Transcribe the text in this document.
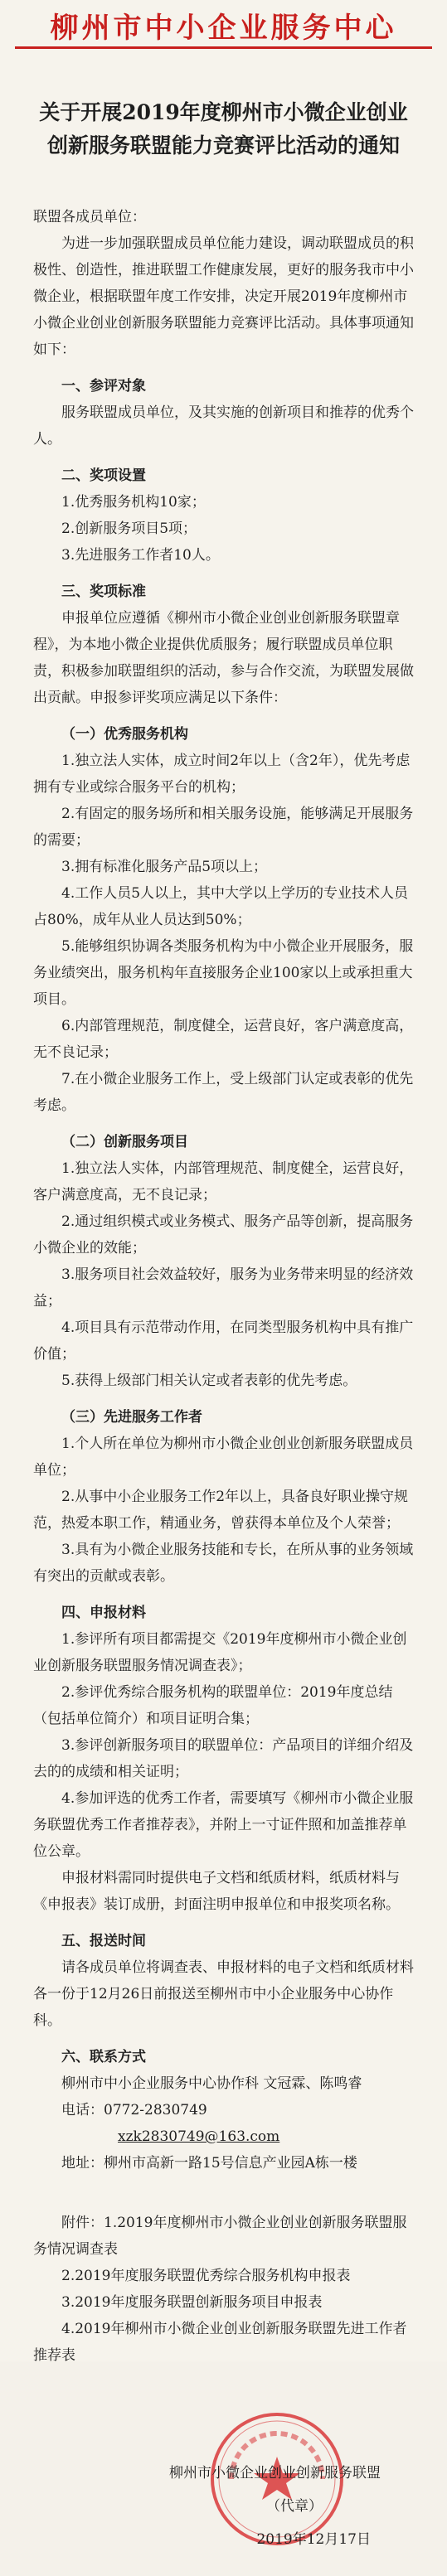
柳州市中小企业服务中心
关于开展2019年度柳州市小微企业创业
创新服务联盟能力竞赛评比活动的通知

联盟各成员单位：

为进一步加强联盟成员单位能力建设，调动联盟成员的积极性、创造性，推进联盟工作健康发展，更好的服务我市中小微企业，根据联盟年度工作安排，决定开展2019年度柳州市小微企业创业创新服务联盟能力竞赛评比活动。具体事项通知如下：

一、参评对象

服务联盟成员单位，及其实施的创新项目和推荐的优秀个人。

二、奖项设置

1.优秀服务机构10家；

2.创新服务项目5项；

3.先进服务工作者10人。

三、奖项标准

申报单位应遵循《柳州市小微企业创业创新服务联盟章程》，为本地小微企业提供优质服务；履行联盟成员单位职责，积极参加联盟组织的活动，参与合作交流，为联盟发展做出贡献。申报参评奖项应满足以下条件：

（一）优秀服务机构

1.独立法人实体，成立时间2年以上（含2年），优先考虑拥有专业或综合服务平台的机构；

2.有固定的服务场所和相关服务设施，能够满足开展服务的需要；

3.拥有标准化服务产品5项以上；

4.工作人员5人以上，其中大学以上学历的专业技术人员占80%，成年从业人员达到50%；

5.能够组织协调各类服务机构为中小微企业开展服务，服务业绩突出，服务机构年直接服务企业100家以上或承担重大项目。

6.内部管理规范，制度健全，运营良好，客户满意度高，无不良记录；

7.在小微企业服务工作上，受上级部门认定或表彰的优先考虑。

（二）创新服务项目

1.独立法人实体，内部管理规范、制度健全，运营良好，客户满意度高，无不良记录；

2.通过组织模式或业务模式、服务产品等创新，提高服务小微企业的效能；

3.服务项目社会效益较好，服务为业务带来明显的经济效益；

4.项目具有示范带动作用，在同类型服务机构中具有推广价值；

5.获得上级部门相关认定或者表彰的优先考虑。

（三）先进服务工作者

1.个人所在单位为柳州市小微企业创业创新服务联盟成员单位；

2.从事中小企业服务工作2年以上，具备良好职业操守规范，热爱本职工作，精通业务，曾获得本单位及个人荣誉；

3.具有为小微企业服务技能和专长，在所从事的业务领域有突出的贡献或表彰。

四、申报材料

1.参评所有项目都需提交《2019年度柳州市小微企业创业创新服务联盟服务情况调查表》；

2.参评优秀综合服务机构的联盟单位：2019年度总结（包括单位简介）和项目证明合集；

3.参评创新服务项目的联盟单位：产品项目的详细介绍及去的的成绩和相关证明；

4.参加评选的优秀工作者，需要填写《柳州市小微企业服务联盟优秀工作者推荐表》，并附上一寸证件照和加盖推荐单位公章。

申报材料需同时提供电子文档和纸质材料，纸质材料与《申报表》装订成册，封面注明申报单位和申报奖项名称。

五、报送时间

请各成员单位将调查表、申报材料的电子文档和纸质材料各一份于12月26日前报送至柳州市中小企业服务中心协作科。

六、联系方式

柳州市中小企业服务中心协作科 文冠霖、陈鸣睿

电话：0772-2830749

　　　　xzk2830749@163.com

地址：柳州市高新一路15号信息产业园A栋一楼

附件：1.2019年度柳州市小微企业创业创新服务联盟服务情况调查表

2.2019年度服务联盟优秀综合服务机构申报表

3.2019年度服务联盟创新服务项目申报表

4.2019年柳州市小微企业创业创新服务联盟先进工作者推荐表

柳州市小微企业创业创新服务联盟
（代章）
2019年12月17日
